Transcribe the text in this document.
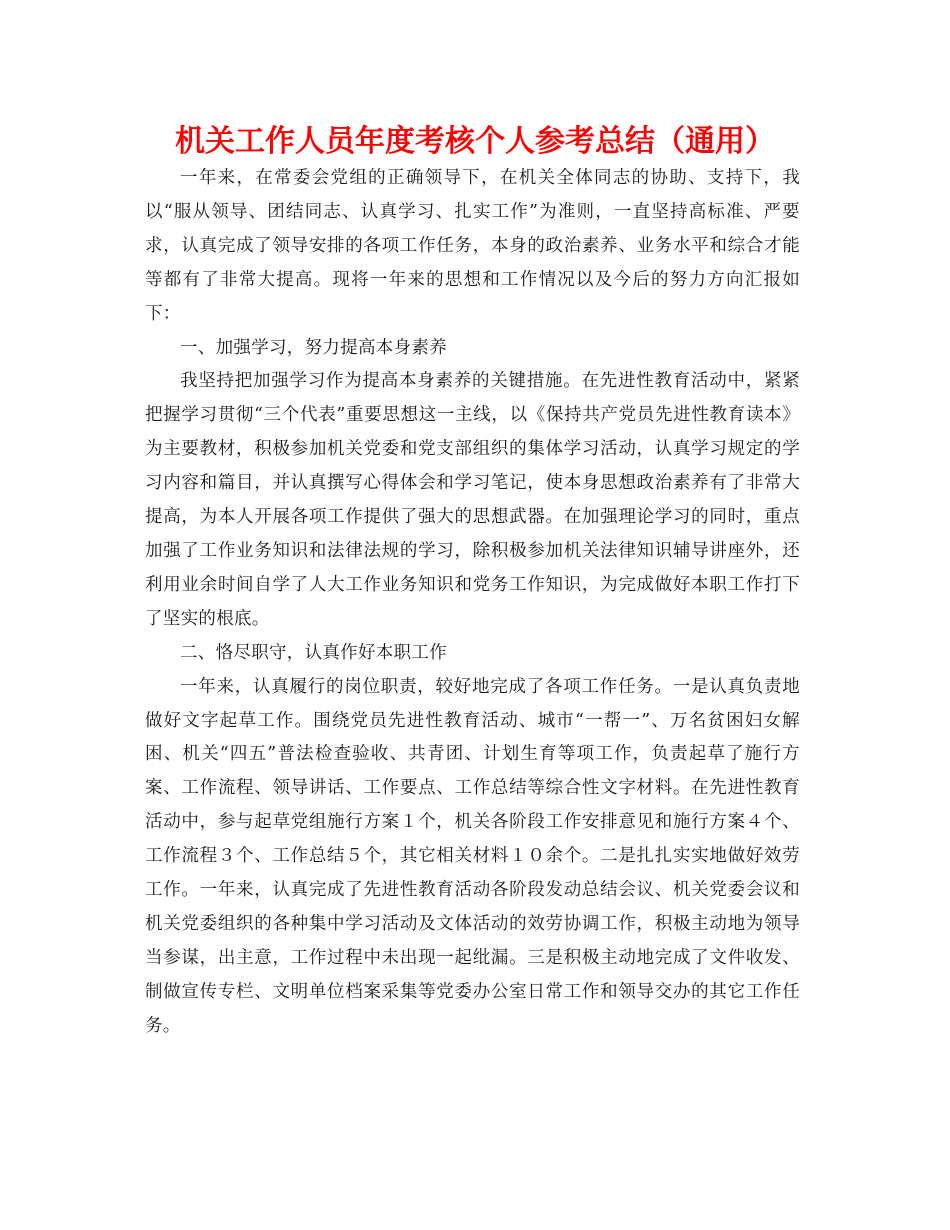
机关工作人员年度考核个人参考总结（通用）

一年来，在常委会党组的正确领导下，在机关全体同志的协助、支持下，我以“服从领导、团结同志、认真学习、扎实工作”为准则，一直坚持高标准、严要求，认真完成了领导安排的各项工作任务，本身的政治素养、业务水平和综合才能等都有了非常大提高。现将一年来的思想和工作情况以及今后的努力方向汇报如下：

一、加强学习，努力提高本身素养

我坚持把加强学习作为提高本身素养的关键措施。在先进性教育活动中，紧紧把握学习贯彻“三个代表”重要思想这一主线，以《保持共产党员先进性教育读本》为主要教材，积极参加机关党委和党支部组织的集体学习活动，认真学习规定的学习内容和篇目，并认真撰写心得体会和学习笔记，使本身思想政治素养有了非常大提高，为本人开展各项工作提供了强大的思想武器。在加强理论学习的同时，重点加强了工作业务知识和法律法规的学习，除积极参加机关法律知识辅导讲座外，还利用业余时间自学了人大工作业务知识和党务工作知识，为完成做好本职工作打下了坚实的根底。

二、恪尽职守，认真作好本职工作

一年来，认真履行的岗位职责，较好地完成了各项工作任务。一是认真负责地做好文字起草工作。围绕党员先进性教育活动、城市“一帮一”、万名贫困妇女解困、机关“四五”普法检查验收、共青团、计划生育等项工作，负责起草了施行方案、工作流程、领导讲话、工作要点、工作总结等综合性文字材料。在先进性教育活动中，参与起草党组施行方案１个，机关各阶段工作安排意见和施行方案４个、工作流程３个、工作总结５个，其它相关材料１０余个。二是扎扎实实地做好效劳工作。一年来，认真完成了先进性教育活动各阶段发动总结会议、机关党委会议和机关党委组织的各种集中学习活动及文体活动的效劳协调工作，积极主动地为领导当参谋，出主意，工作过程中未出现一起纰漏。三是积极主动地完成了文件收发、制做宣传专栏、文明单位档案采集等党委办公室日常工作和领导交办的其它工作任务。
